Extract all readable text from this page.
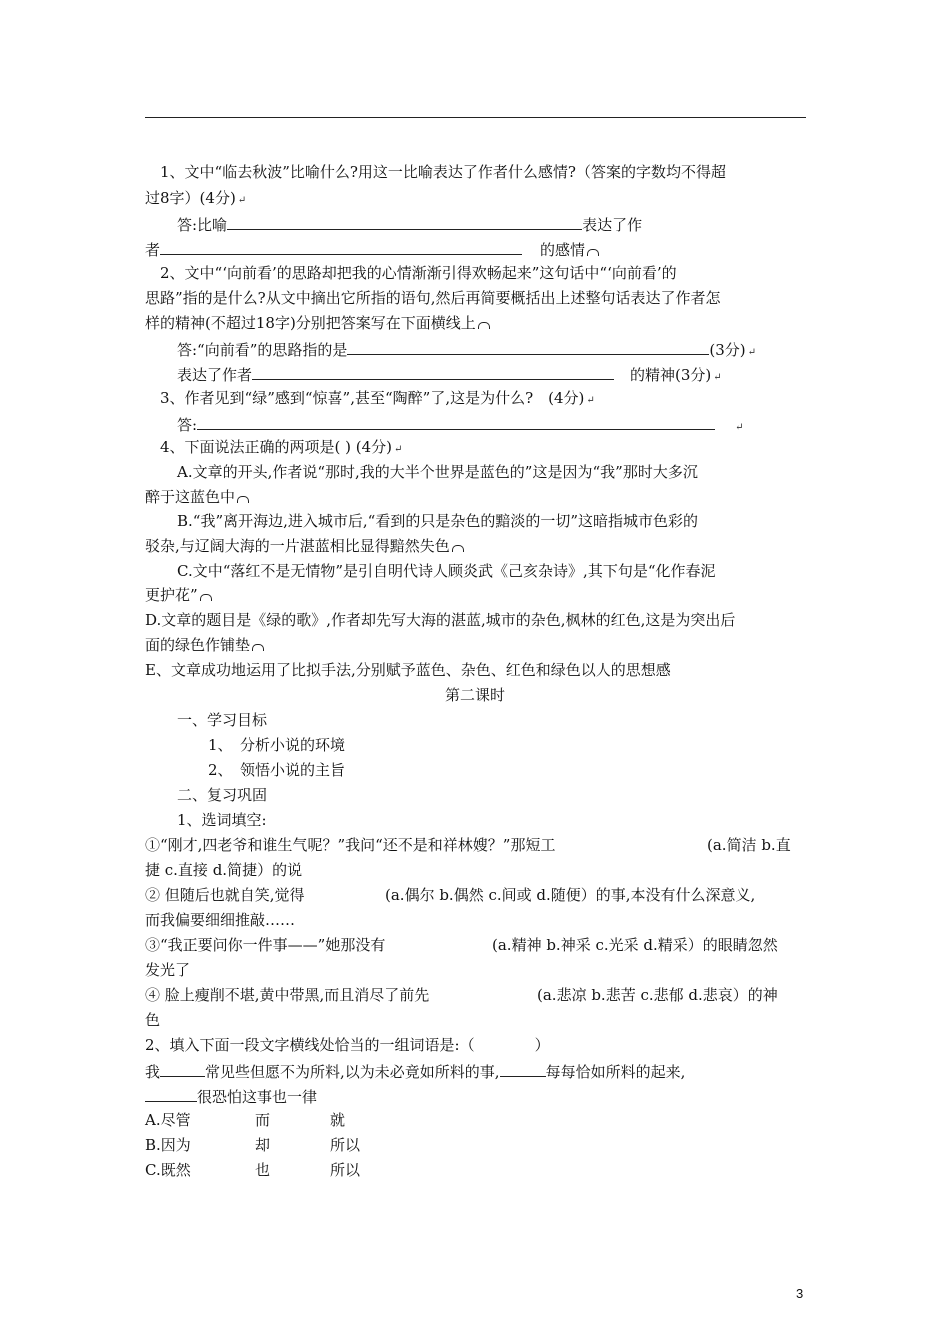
1、文中“临去秋波”比喻什么?用这一比喻表达了作者什么感情?（答案的字数均不得超
过8字）(4分) ↵
答:比喻	表达了作
者	的感情
2、文中“‘向前看’的思路却把我的心情渐渐引得欢畅起来”这句话中“‘向前看’的
思路”指的是什么?从文中摘出它所指的语句,然后再简要概括出上述整句话表达了作者怎
样的精神(不超过18字)分别把答案写在下面横线上
答:“向前看”的思路指的是	(3分) ↵
表达了作者	的精神(3分) ↵
3、作者见到“绿”感到“惊喜”,甚至“陶醉”了,这是为什么?　(4分) ↵
答:	↵
4、下面说法正确的两项是( ) (4分) ↵
A.文章的开头,作者说“那时,我的大半个世界是蓝色的”这是因为“我”那时大多沉
醉于这蓝色中
B.“我”离开海边,进入城市后,“看到的只是杂色的黯淡的一切”这暗指城市色彩的
驳杂,与辽阔大海的一片湛蓝相比显得黯然失色
C.文中“落红不是无情物”是引自明代诗人顾炎武《己亥杂诗》,其下句是“化作春泥
更护花”
D.文章的题目是《绿的歌》,作者却先写大海的湛蓝,城市的杂色,枫林的红色,这是为突出后
面的绿色作铺垫
E、文章成功地运用了比拟手法,分别赋予蓝色、杂色、红色和绿色以人的思想感
第二课时
一、学习目标
1、　分析小说的环境
2、　领悟小说的主旨
二、复习巩固
1、选词填空:
①“刚才,四老爷和谁生气呢？”我问“还不是和祥林嫂？”那短工	(a.简洁 b.直
捷 c.直接 d.简捷）的说
② 但随后也就自笑,觉得	(a.偶尔 b.偶然 c.间或 d.随便）的事,本没有什么深意义,
而我偏要细细推敲……
③“我正要问你一件事——”她那没有	(a.精神 b.神采 c.光采 d.精采）的眼睛忽然
发光了
④ 脸上瘦削不堪,黄中带黑,而且消尽了前先	(a.悲凉 b.悲苦 c.悲郁 d.悲哀）的神
色
2、填入下面一段文字横线处恰当的一组词语是:（　　　　）
我	常见些但愿不为所料,以为未必竟如所料的事,	每每恰如所料的起来,
很恐怕这事也一律
A.尽管	而	就
B.因为	却	所以
C.既然	也	所以
3
